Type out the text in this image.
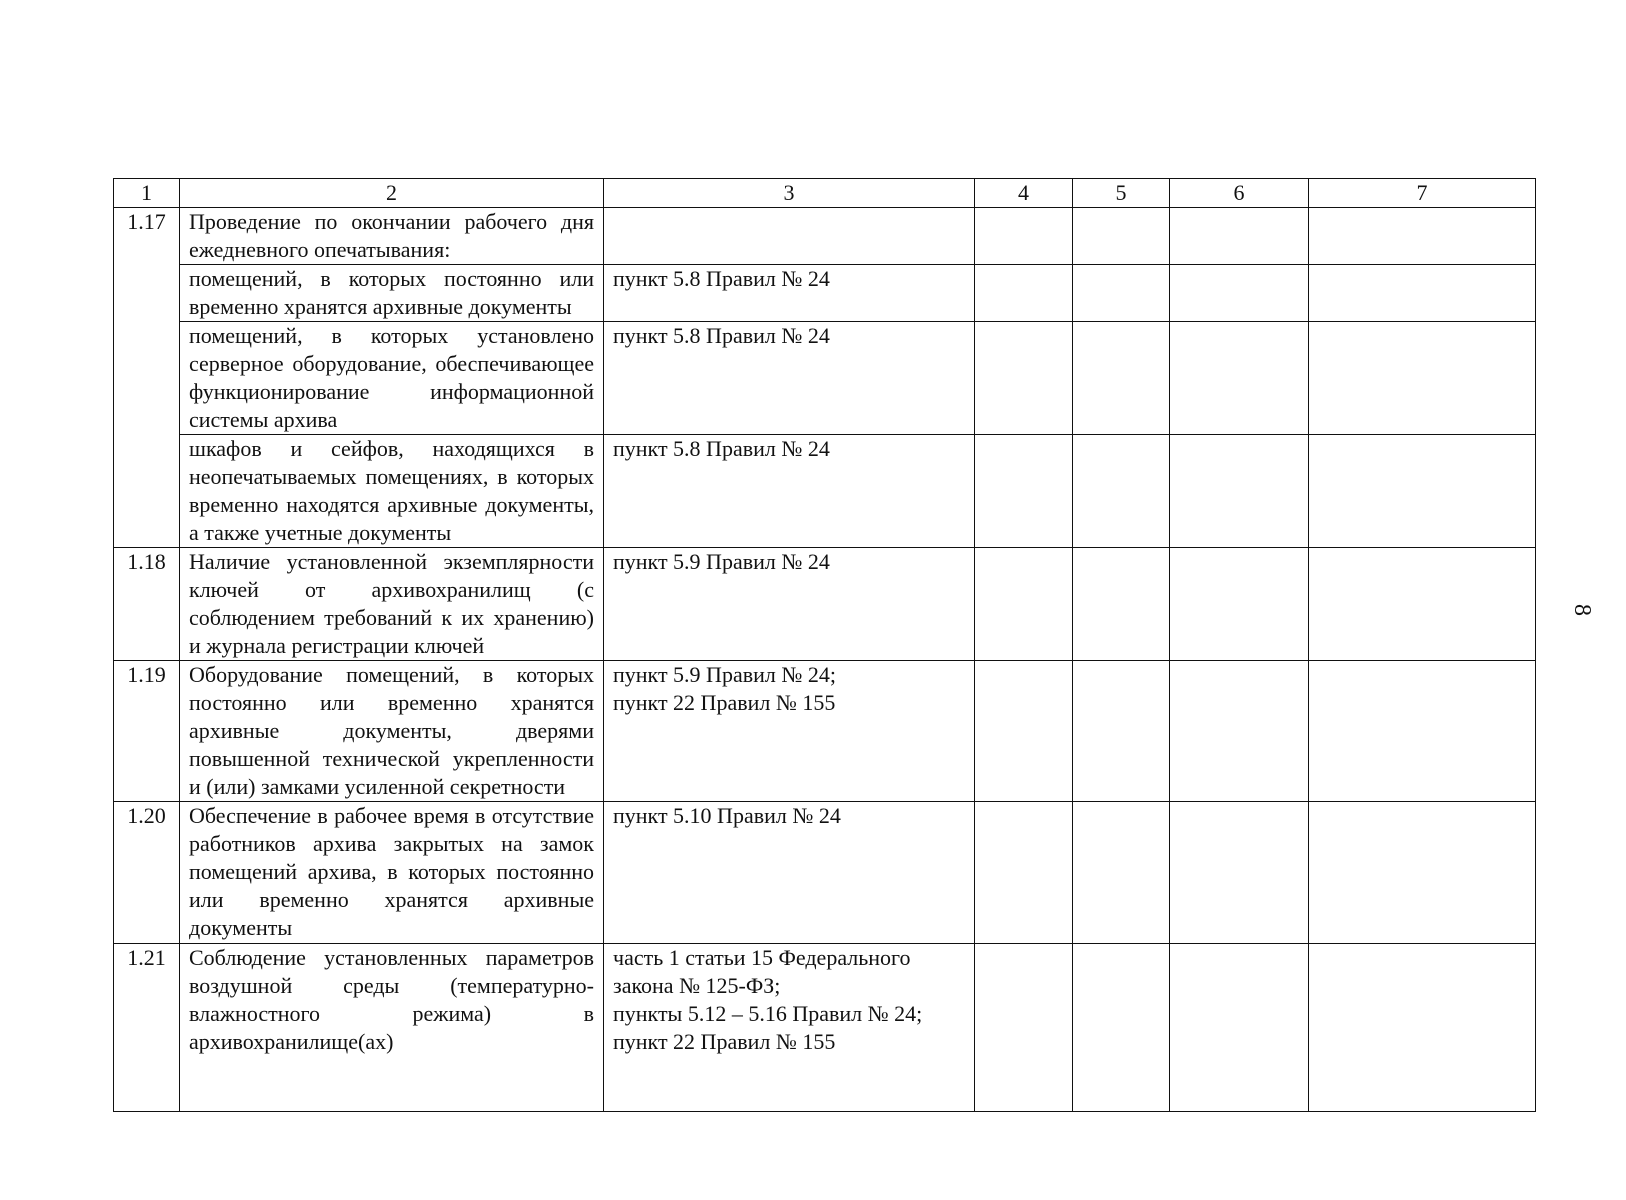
1	2	3	4	5	6	7
1.17	Проведение по окончании рабочего дня ежедневного опечатывания:					
	помещений, в которых постоянно или временно хранятся архивные документы	пункт 5.8 Правил № 24				

	помещений, в которых установлено серверное оборудование, обеспечивающее функционирование информационной системы архива	пункт 5.8 Правил № 24				

	шкафов и сейфов, находящихся в неопечатываемых помещениях, в которых временно находятся архивные документы, а также учетные документы	пункт 5.8 Правил № 24				

1.18	Наличие установленной экземплярности ключей от архивохранилищ (с соблюдением требований к их хранению) и журнала регистрации ключей	пункт 5.9 Правил № 24				

1.19	Оборудование помещений, в которых постоянно или временно хранятся архивные документы, дверями повышенной технической укрепленности и (или) замками усиленной секретности	пункт 5.9 Правил № 24;
пункт 22 Правил № 155				

1.20	Обеспечение в рабочее время в отсутствие работников архива закрытых на замок помещений архива, в которых постоянно или временно хранятся архивные документы	пункт 5.10 Правил № 24				

1.21	Соблюдение установленных параметров воздушной среды (температурно-влажностного режима) в архивохранилище(ах)	часть 1 статьи 15 Федерального закона № 125-ФЗ;
пункты 5.12 – 5.16 Правил № 24;
пункт 22 Правил № 155				

8
